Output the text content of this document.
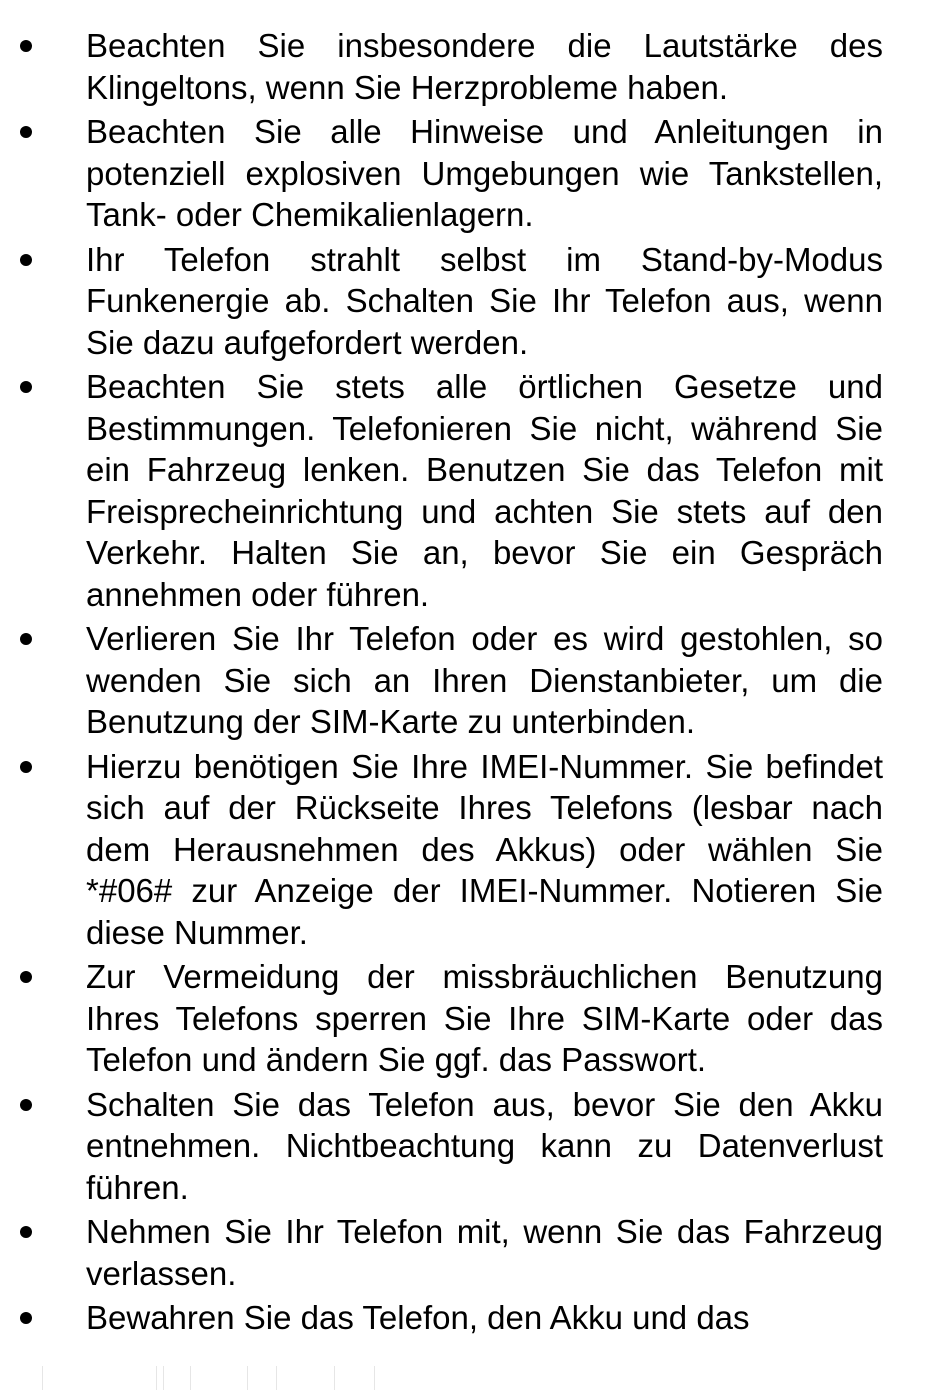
Beachten Sie insbesondere die Lautstärke des Klingeltons, wenn Sie Herzprobleme haben.
Beachten Sie alle Hinweise und Anleitungen in potenziell explosiven Umgebungen wie Tankstellen, Tank- oder Chemikalienlagern.
Ihr Telefon strahlt selbst im Stand-by-Modus Funkenergie ab. Schalten Sie Ihr Telefon aus, wenn Sie dazu aufgefordert werden.
Beachten Sie stets alle örtlichen Gesetze und Bestimmungen. Telefonieren Sie nicht, während Sie ein Fahrzeug lenken. Benutzen Sie das Telefon mit Freisprecheinrichtung und achten Sie stets auf den Verkehr. Halten Sie an, bevor Sie ein Gespräch annehmen oder führen.
Verlieren Sie Ihr Telefon oder es wird gestohlen, so wenden Sie sich an Ihren Dienstanbieter, um die Benutzung der SIM-Karte zu unterbinden.
Hierzu benötigen Sie Ihre IMEI-Nummer. Sie befindet sich auf der Rückseite Ihres Telefons (lesbar nach dem Herausnehmen des Akkus) oder wählen Sie *#06# zur Anzeige der IMEI-Nummer. Notieren Sie diese Nummer.
Zur Vermeidung der missbräuchlichen Benutzung Ihres Telefons sperren Sie Ihre SIM-Karte oder das Telefon und ändern Sie ggf. das Passwort.
Schalten Sie das Telefon aus, bevor Sie den Akku entnehmen. Nichtbeachtung kann zu Datenverlust führen.
Nehmen Sie Ihr Telefon mit, wenn Sie das Fahrzeug verlassen.
Bewahren Sie das Telefon, den Akku und das
